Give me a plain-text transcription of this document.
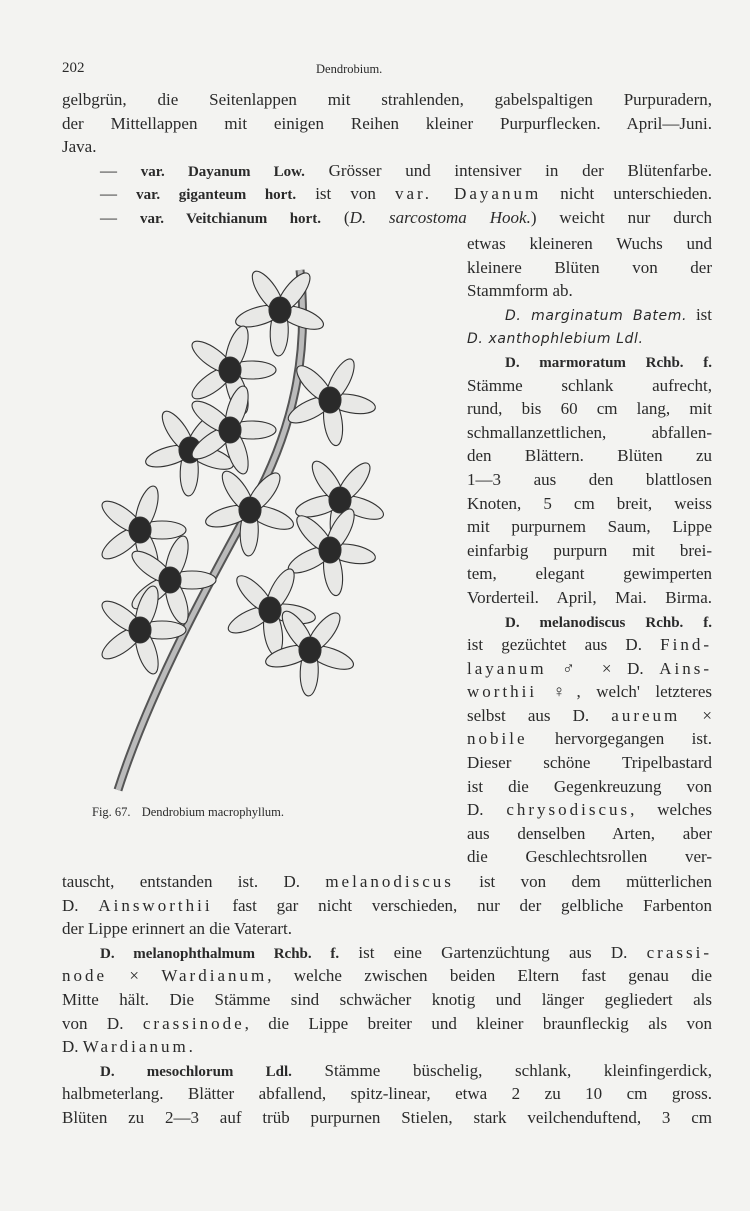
202	Dendrobium.
gelbgrün, die Seitenlappen mit strahlenden, gabelspaltigen Purpuradern,
der Mittellappen mit einigen Reihen kleiner Purpurflecken. April—Juni.
Java.
— var. Dayanum Low. Grösser und intensiver in der Blütenfarbe.
— var. giganteum hort. ist von var. Dayanum nicht unterschieden.
— var. Veitchianum hort. (D. sarcostoma Hook.) weicht nur durch
etwas kleineren Wuchs und
kleinere Blüten von der
Stammform ab.
D. marginatum Batem. ist
D. xanthophlebium Ldl.
D. marmoratum Rchb. f.
Stämme schlank aufrecht,
rund, bis 60 cm lang, mit
schmallanzettlichen, abfallen-
den Blättern. Blüten zu
1—3 aus den blattlosen
Knoten, 5 cm breit, weiss
mit purpurnem Saum, Lippe
einfarbig purpurn mit brei-
tem, elegant gewimperten
Vorderteil. April, Mai. Birma.
D. melanodiscus Rchb. f.
ist gezüchtet aus D. Find-
layanum ♂ × D. Ains-
worthii ♀, welch' letzteres
selbst aus D. aureum ×
nobile hervorgegangen ist.
Dieser schöne Tripelbastard
ist die Gegenkreuzung von
D. chrysodiscus, welches
aus denselben Arten, aber
die Geschlechtsrollen ver-
tauscht, entstanden ist. D. melanodiscus ist von dem mütterlichen
D. Ainsworthii fast gar nicht verschieden, nur der gelbliche Farbenton
der Lippe erinnert an die Vaterart.
D. melanophthalmum Rchb. f. ist eine Gartenzüchtung aus D. crassi-
node × Wardianum, welche zwischen beiden Eltern fast genau die
Mitte hält. Die Stämme sind schwächer knotig und länger gegliedert als
von D. crassinode, die Lippe breiter und kleiner braunfleckig als von
D. Wardianum.
D. mesochlorum Ldl. Stämme büschelig, schlank, kleinfingerdick,
halbmeterlang. Blätter abfallend, spitz-linear, etwa 2 zu 10 cm gross.
Blüten zu 2—3 auf trüb purpurnen Stielen, stark veilchenduftend, 3 cm
Fig. 67. Dendrobium macrophyllum.
